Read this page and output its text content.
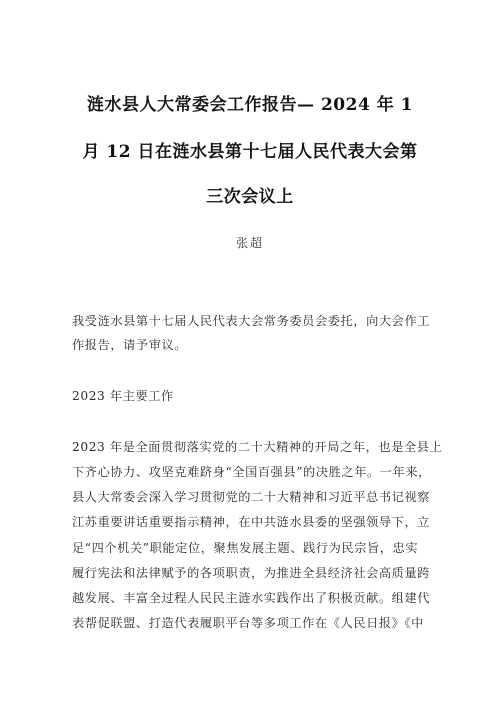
涟水县人大常委会工作报告— 2024 年 1
月 12 日在涟水县第十七届人民代表大会第
三次会议上
张超
我受涟水县第十七届人民代表大会常务委员会委托，向大会作工
作报告，请予审议。
2023 年主要工作
2023 年是全面贯彻落实党的二十大精神的开局之年，也是全县上
下齐心协力、攻坚克难跻身“全国百强县”的决胜之年。一年来，
县人大常委会深入学习贯彻党的二十大精神和习近平总书记视察
江苏重要讲话重要指示精神，在中共涟水县委的坚强领导下，立
足“四个机关”职能定位，聚焦发展主题、践行为民宗旨，忠实
履行宪法和法律赋予的各项职责，为推进全县经济社会高质量跨
越发展、丰富全过程人民民主涟水实践作出了积极贡献。组建代
表帮促联盟、打造代表履职平台等多项工作在《人民日报》《中
